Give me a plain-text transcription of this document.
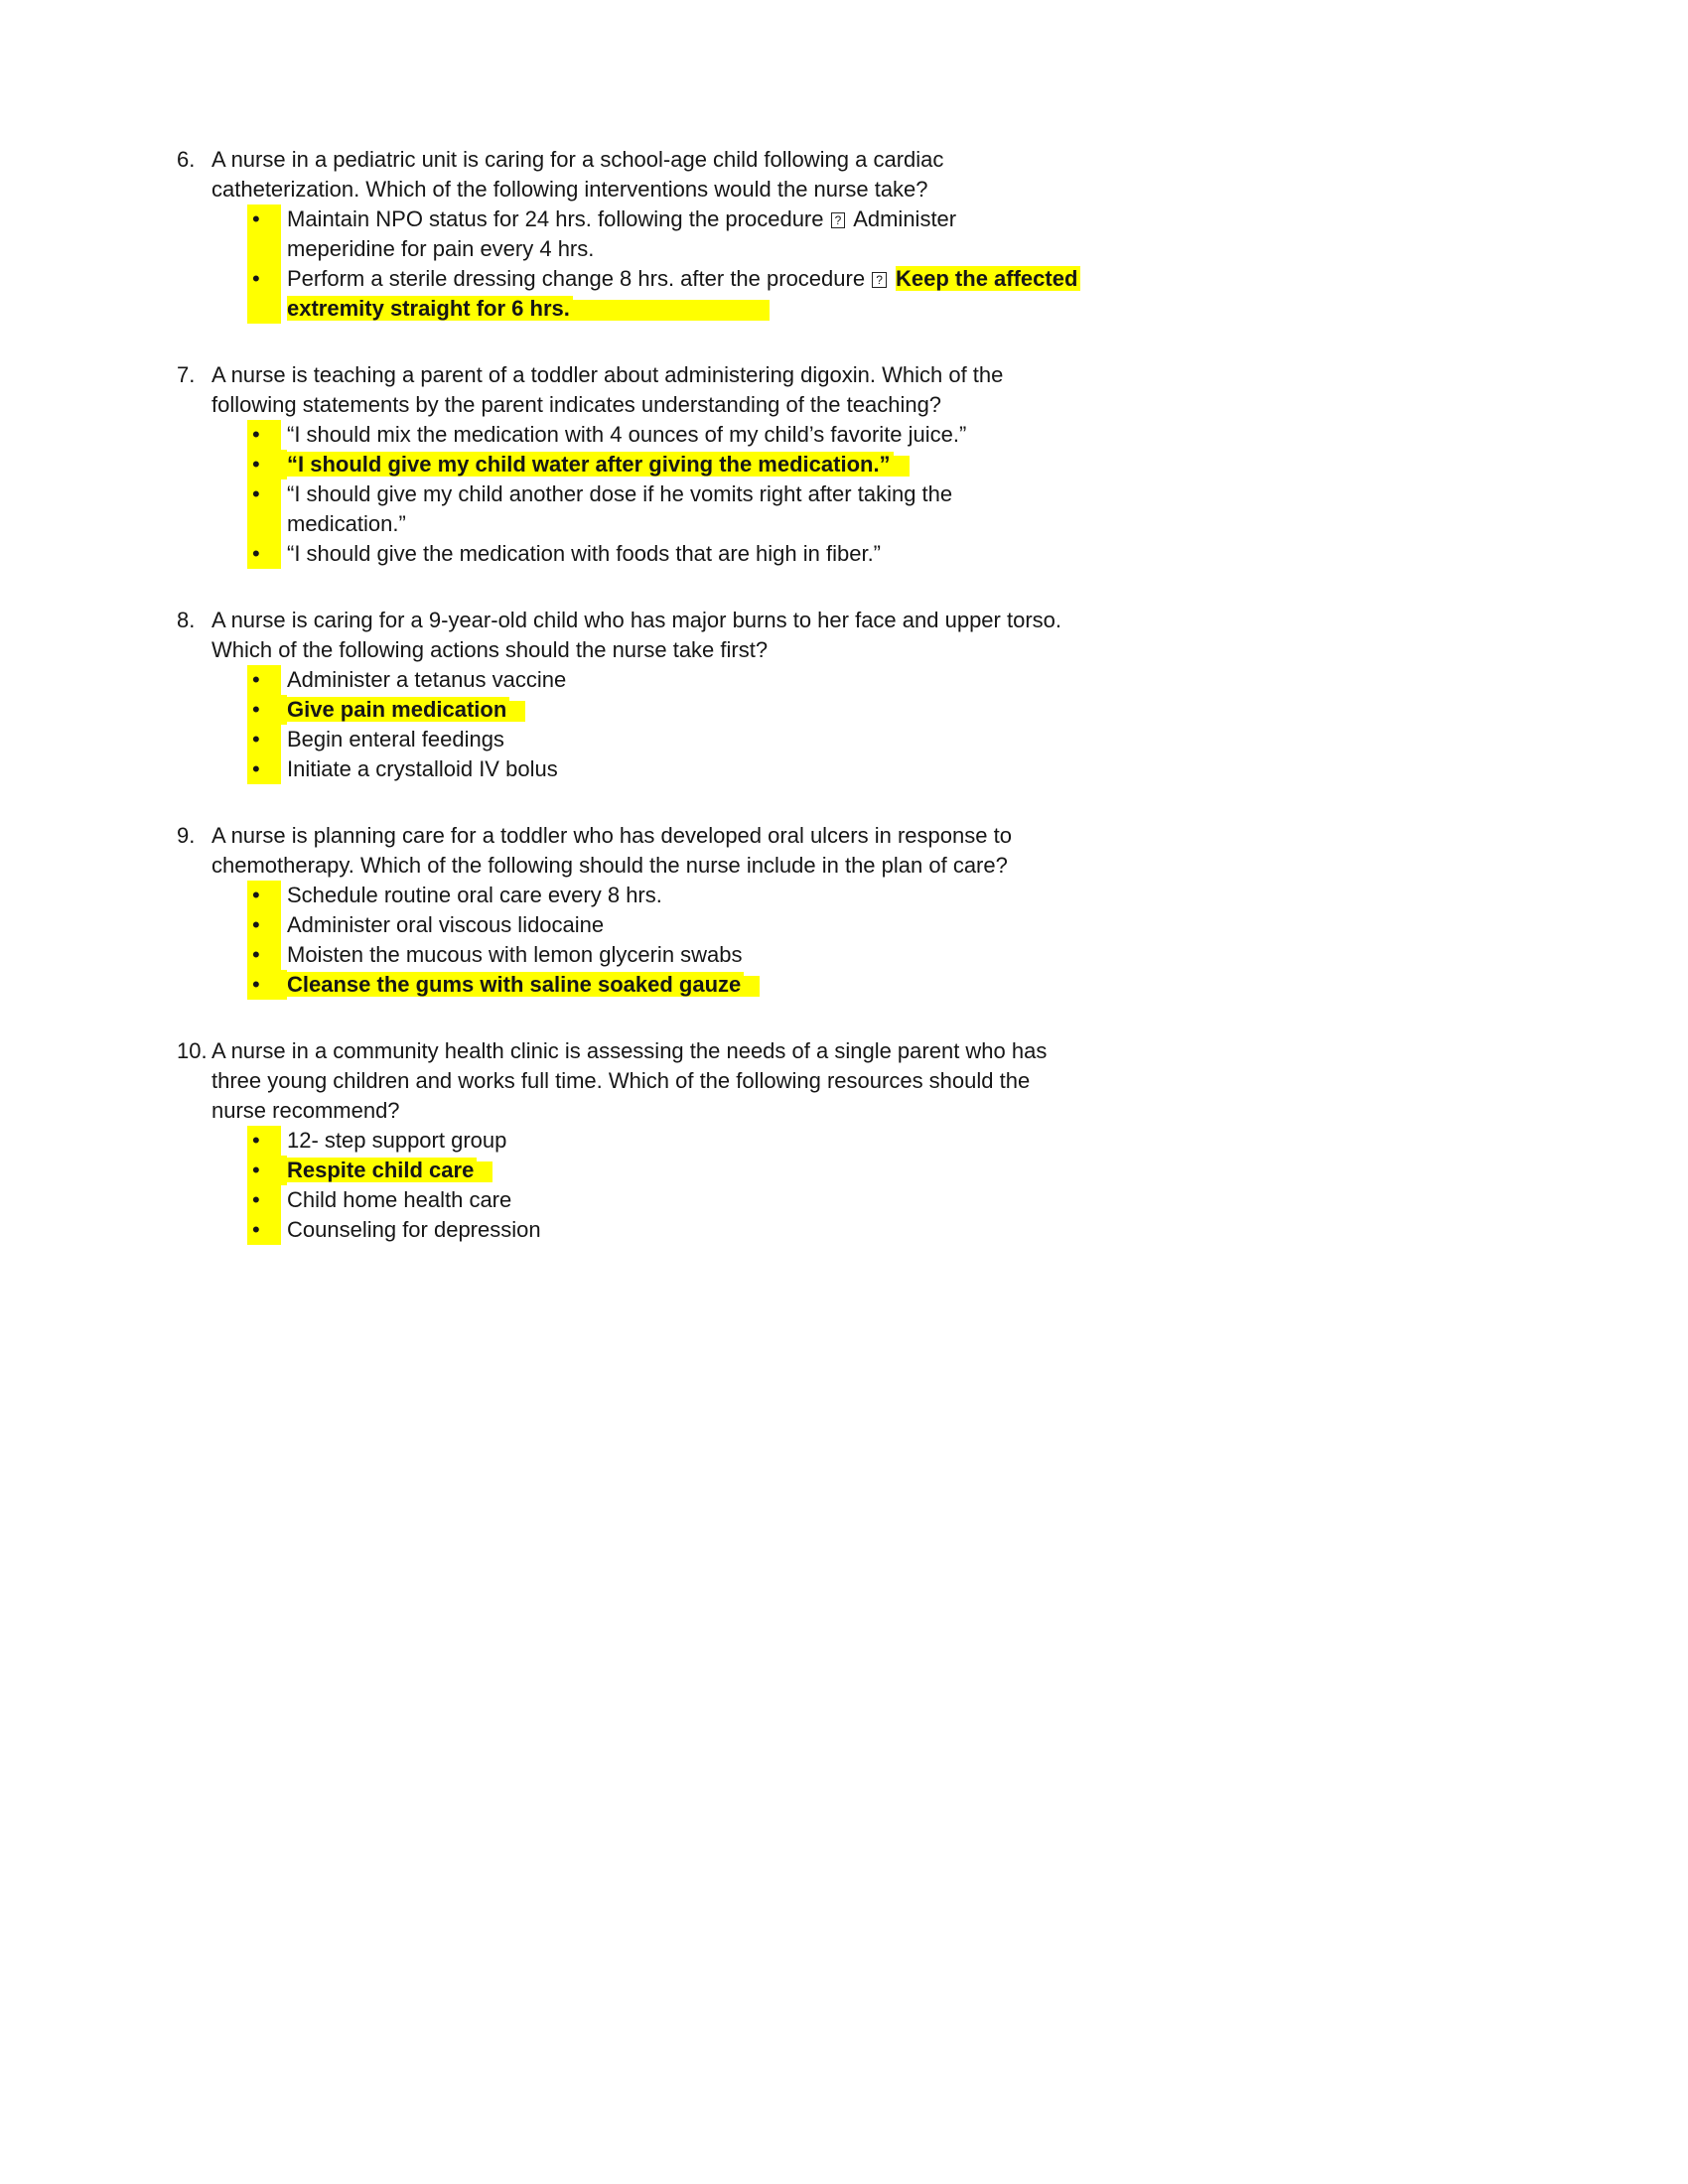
6. A nurse in a pediatric unit is caring for a school-age child following a cardiac
catheterization. Which of the following interventions would the nurse take?
•	Maintain NPO status for 24 hrs. following the procedure ? Administer
meperidine for pain every 4 hrs.
•	Perform a sterile dressing change 8 hrs. after the procedure ? Keep the affected
extremity straight for 6 hrs.
7. A nurse is teaching a parent of a toddler about administering digoxin. Which of the
following statements by the parent indicates understanding of the teaching?
•	“I should mix the medication with 4 ounces of my child’s favorite juice.”
•	“I should give my child water after giving the medication.”
•	“I should give my child another dose if he vomits right after taking the
medication.”
•	“I should give the medication with foods that are high in fiber.”
8. A nurse is caring for a 9-year-old child who has major burns to her face and upper torso.
Which of the following actions should the nurse take first?
•	Administer a tetanus vaccine
•	Give pain medication
•	Begin enteral feedings
•	Initiate a crystalloid IV bolus
9. A nurse is planning care for a toddler who has developed oral ulcers in response to
chemotherapy. Which of the following should the nurse include in the plan of care?
•	Schedule routine oral care every 8 hrs.
•	Administer oral viscous lidocaine
•	Moisten the mucous with lemon glycerin swabs
•	Cleanse the gums with saline soaked gauze
10. A nurse in a community health clinic is assessing the needs of a single parent who has
three young children and works full time. Which of the following resources should the
nurse recommend?
•	12- step support group
•	Respite child care
•	Child home health care
•	Counseling for depression
